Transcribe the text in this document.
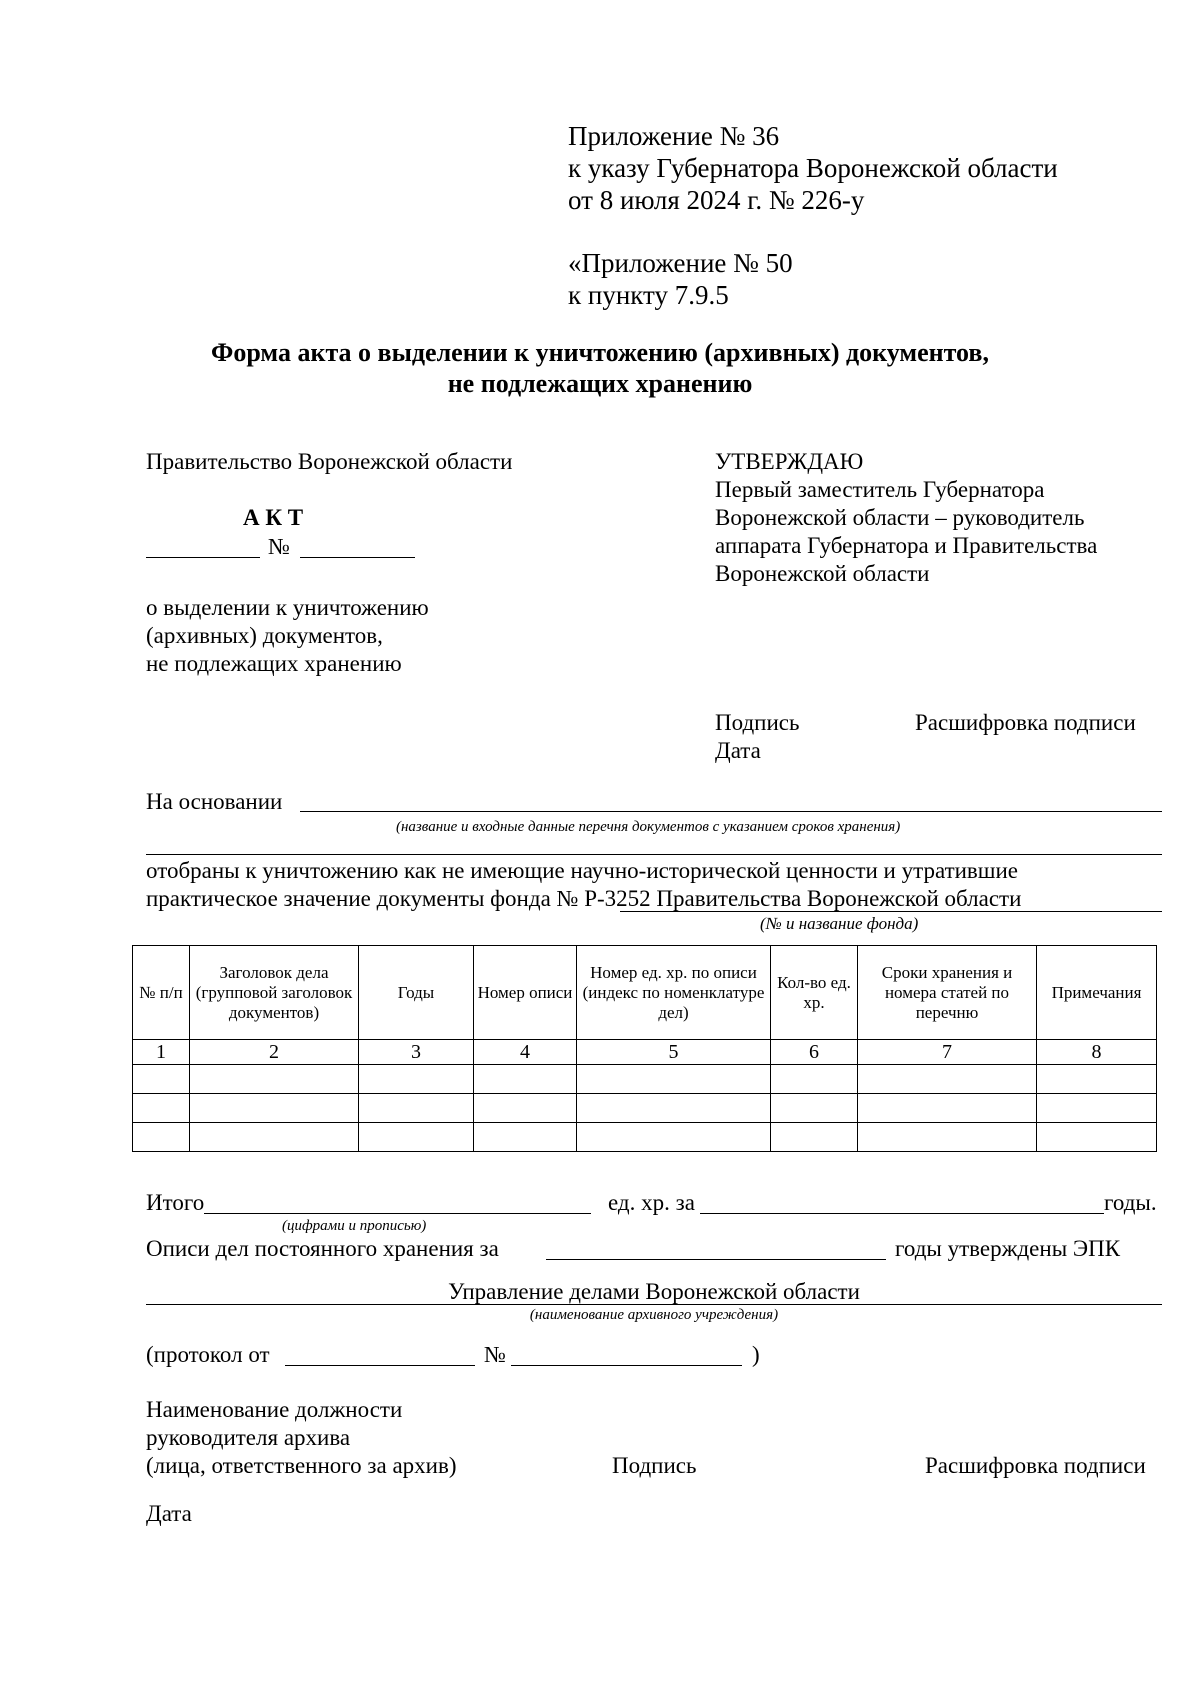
Приложение № 36
к указу Губернатора Воронежской области
от 8 июля 2024 г. № 226-у
«Приложение № 50
к пункту 7.9.5
Форма акта о выделении к уничтожению (архивных) документов,
не подлежащих хранению
Правительство Воронежской области
А К Т
№
о выделении к уничтожению
(архивных) документов,
не подлежащих хранению
УТВЕРЖДАЮ
Первый заместитель Губернатора
Воронежской области – руководитель
аппарата Губернатора и Правительства
Воронежской области
Подпись	Расшифровка подписи
Дата
На основании
(название и входные данные перечня документов с указанием сроков хранения)
отобраны к уничтожению как не имеющие научно-исторической ценности и утратившие
практическое значение документы фонда № Р-3252 Правительства Воронежской области
(№ и название фонда)
№ п/п	Заголовок дела (групповой заголовок документов)	Годы	Номер описи	Номер ед. хр. по описи (индекс по номенклатуре дел)	Кол-во ед. хр.	Сроки хранения и номера статей по перечню	Примечания
1	2	3	4	5	6	7	8

Итого	ед. хр. за	годы.
(цифрами и прописью)
Описи дел постоянного хранения за	годы утверждены ЭПК
Управление делами Воронежской области
(наименование архивного учреждения)
(протокол от	№	)
Наименование должности
руководителя архива
(лица, ответственного за архив)	Подпись	Расшифровка подписи
Дата
